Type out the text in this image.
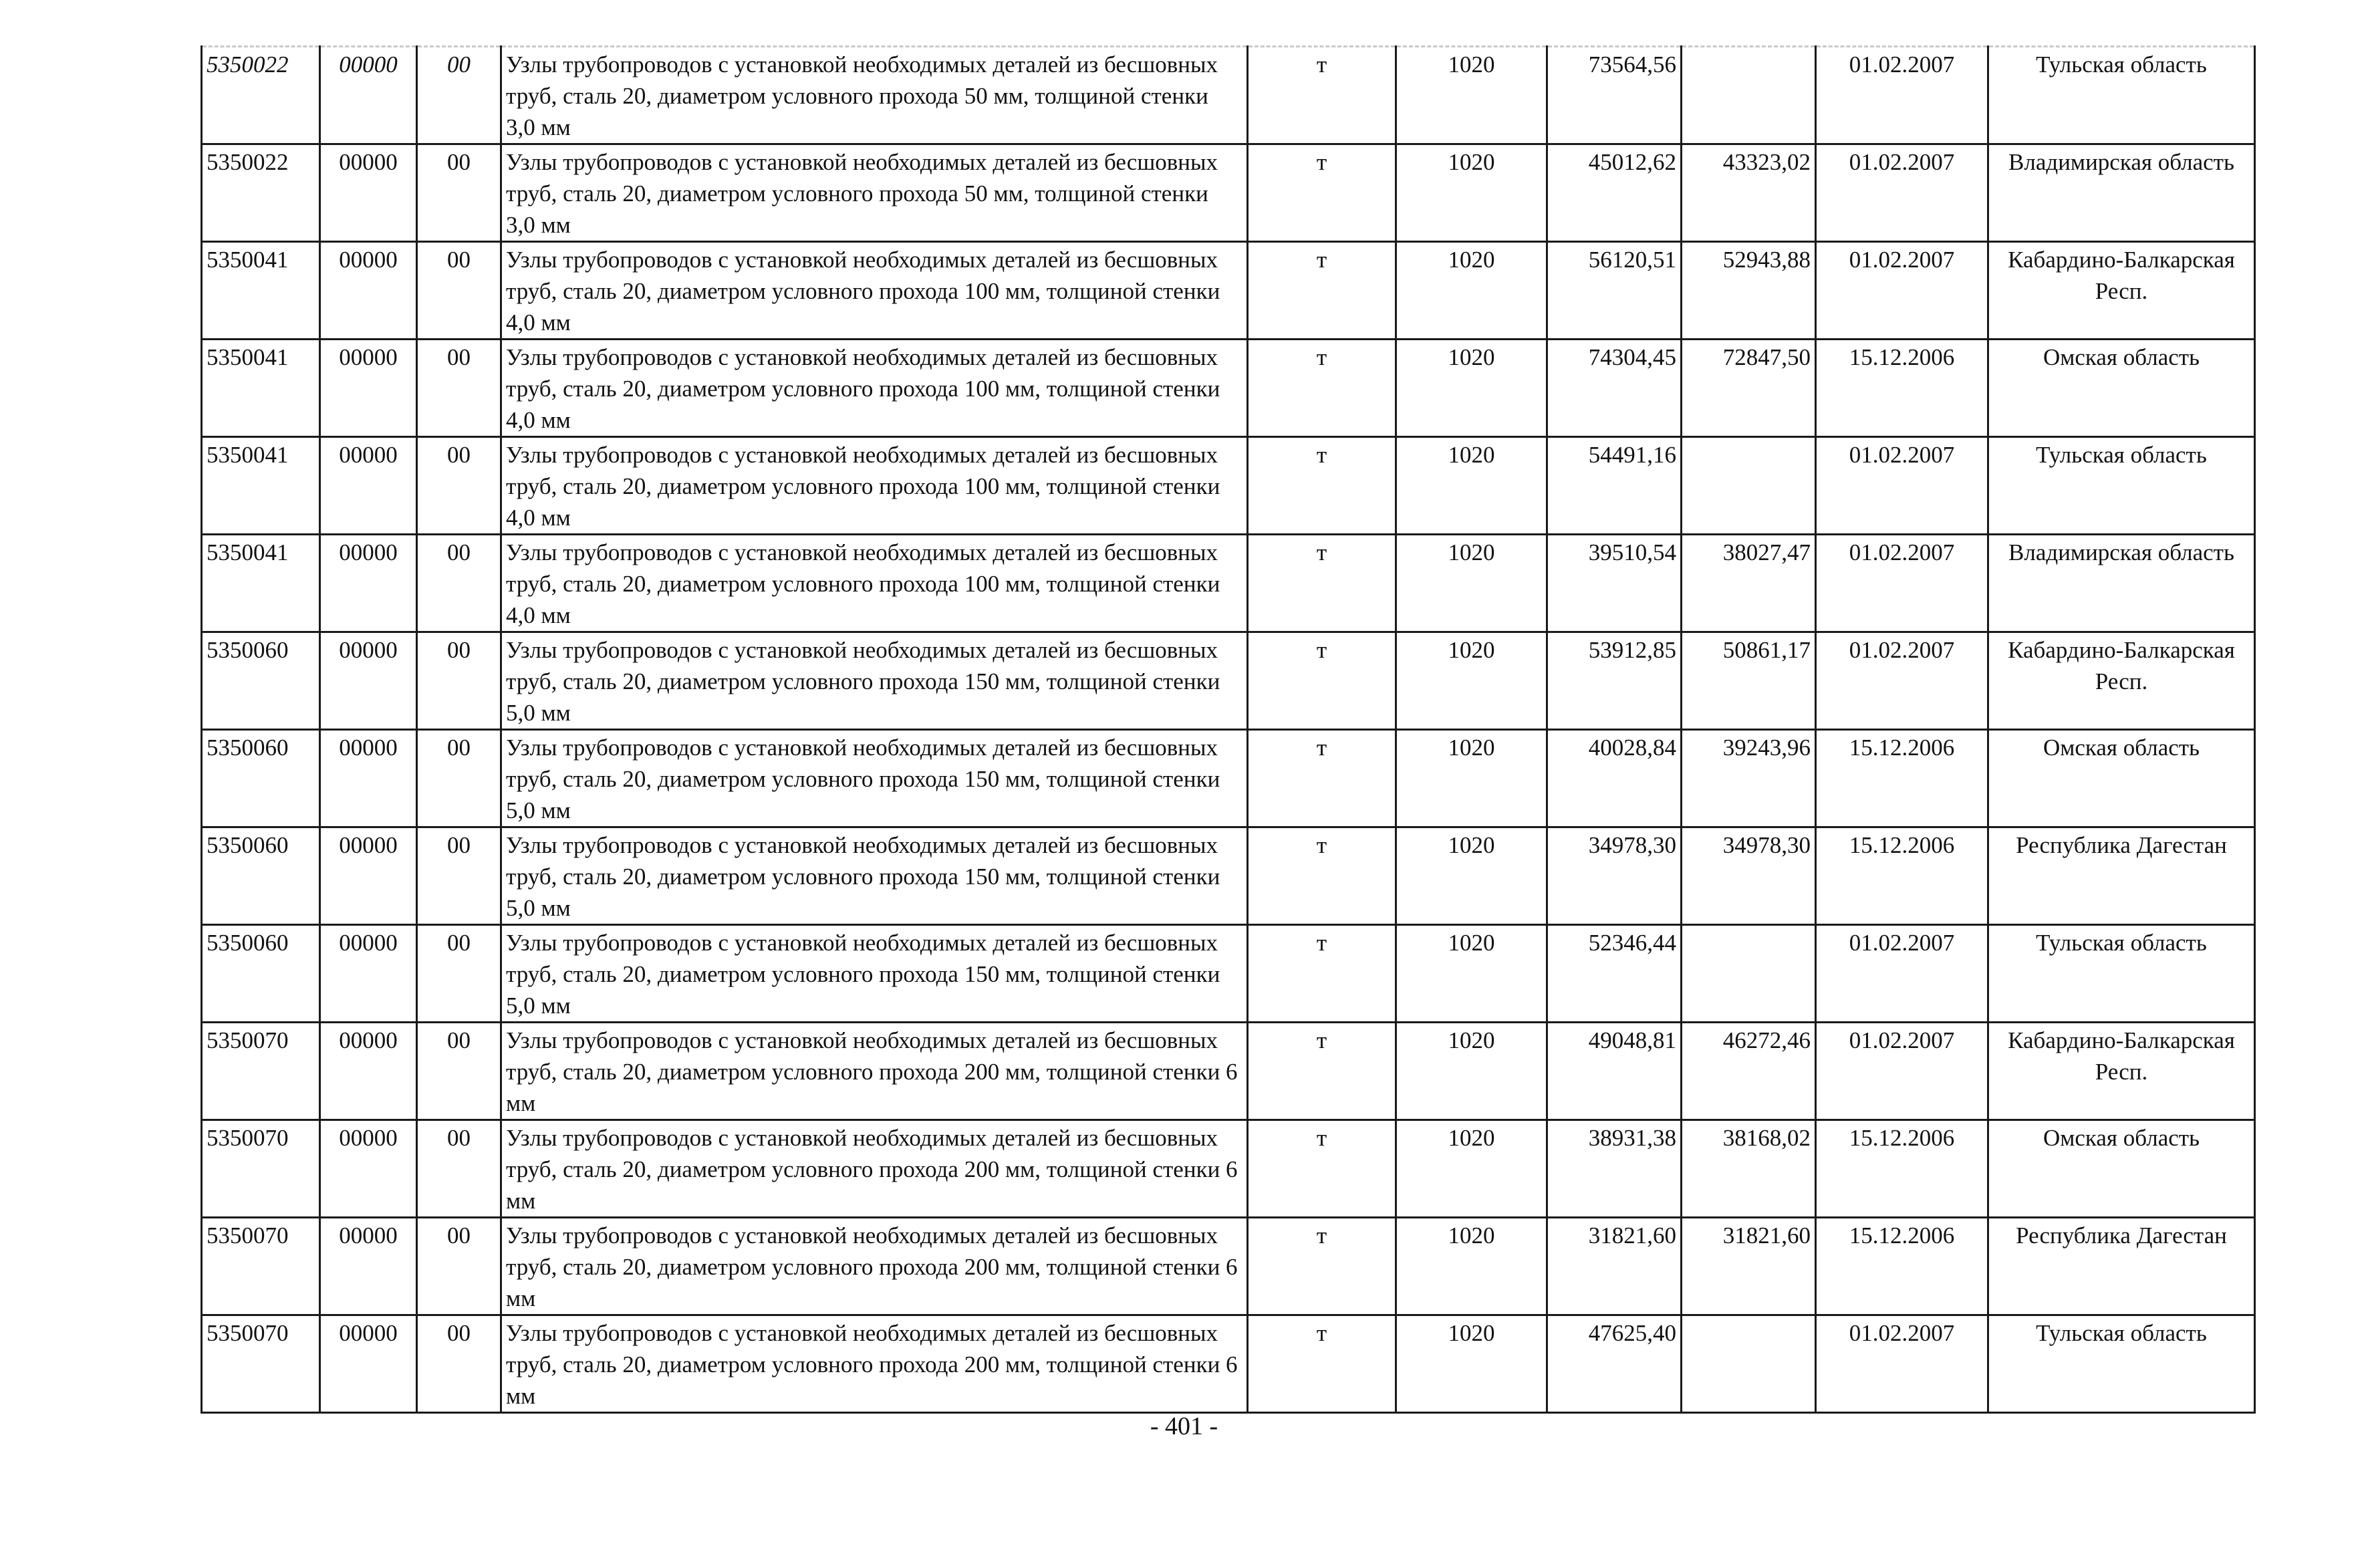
5350022	00000	00	Узлы трубопроводов с установкой необходимых деталей из бесшовных труб, сталь 20, диаметром условного прохода 50 мм, толщиной стенки 3,0 мм	т	1020	73564,56		01.02.2007	Тульская область
5350022	00000	00	Узлы трубопроводов с установкой необходимых деталей из бесшовных труб, сталь 20, диаметром условного прохода 50 мм, толщиной стенки 3,0 мм	т	1020	45012,62	43323,02	01.02.2007	Владимирская область
5350041	00000	00	Узлы трубопроводов с установкой необходимых деталей из бесшовных труб, сталь 20, диаметром условного прохода 100 мм, толщиной стенки 4,0 мм	т	1020	56120,51	52943,88	01.02.2007	Кабардино-Балкарская Респ.
5350041	00000	00	Узлы трубопроводов с установкой необходимых деталей из бесшовных труб, сталь 20, диаметром условного прохода 100 мм, толщиной стенки 4,0 мм	т	1020	74304,45	72847,50	15.12.2006	Омская область
5350041	00000	00	Узлы трубопроводов с установкой необходимых деталей из бесшовных труб, сталь 20, диаметром условного прохода 100 мм, толщиной стенки 4,0 мм	т	1020	54491,16		01.02.2007	Тульская область
5350041	00000	00	Узлы трубопроводов с установкой необходимых деталей из бесшовных труб, сталь 20, диаметром условного прохода 100 мм, толщиной стенки 4,0 мм	т	1020	39510,54	38027,47	01.02.2007	Владимирская область
5350060	00000	00	Узлы трубопроводов с установкой необходимых деталей из бесшовных труб, сталь 20, диаметром условного прохода 150 мм, толщиной стенки 5,0 мм	т	1020	53912,85	50861,17	01.02.2007	Кабардино-Балкарская Респ.
5350060	00000	00	Узлы трубопроводов с установкой необходимых деталей из бесшовных труб, сталь 20, диаметром условного прохода 150 мм, толщиной стенки 5,0 мм	т	1020	40028,84	39243,96	15.12.2006	Омская область
5350060	00000	00	Узлы трубопроводов с установкой необходимых деталей из бесшовных труб, сталь 20, диаметром условного прохода 150 мм, толщиной стенки 5,0 мм	т	1020	34978,30	34978,30	15.12.2006	Республика Дагестан
5350060	00000	00	Узлы трубопроводов с установкой необходимых деталей из бесшовных труб, сталь 20, диаметром условного прохода 150 мм, толщиной стенки 5,0 мм	т	1020	52346,44		01.02.2007	Тульская область
5350070	00000	00	Узлы трубопроводов с установкой необходимых деталей из бесшовных труб, сталь 20, диаметром условного прохода 200 мм, толщиной стенки 6 мм	т	1020	49048,81	46272,46	01.02.2007	Кабардино-Балкарская Респ.
5350070	00000	00	Узлы трубопроводов с установкой необходимых деталей из бесшовных труб, сталь 20, диаметром условного прохода 200 мм, толщиной стенки 6 мм	т	1020	38931,38	38168,02	15.12.2006	Омская область
5350070	00000	00	Узлы трубопроводов с установкой необходимых деталей из бесшовных труб, сталь 20, диаметром условного прохода 200 мм, толщиной стенки 6 мм	т	1020	31821,60	31821,60	15.12.2006	Республика Дагестан
5350070	00000	00	Узлы трубопроводов с установкой необходимых деталей из бесшовных труб, сталь 20, диаметром условного прохода 200 мм, толщиной стенки 6 мм	т	1020	47625,40		01.02.2007	Тульская область
- 401 -
